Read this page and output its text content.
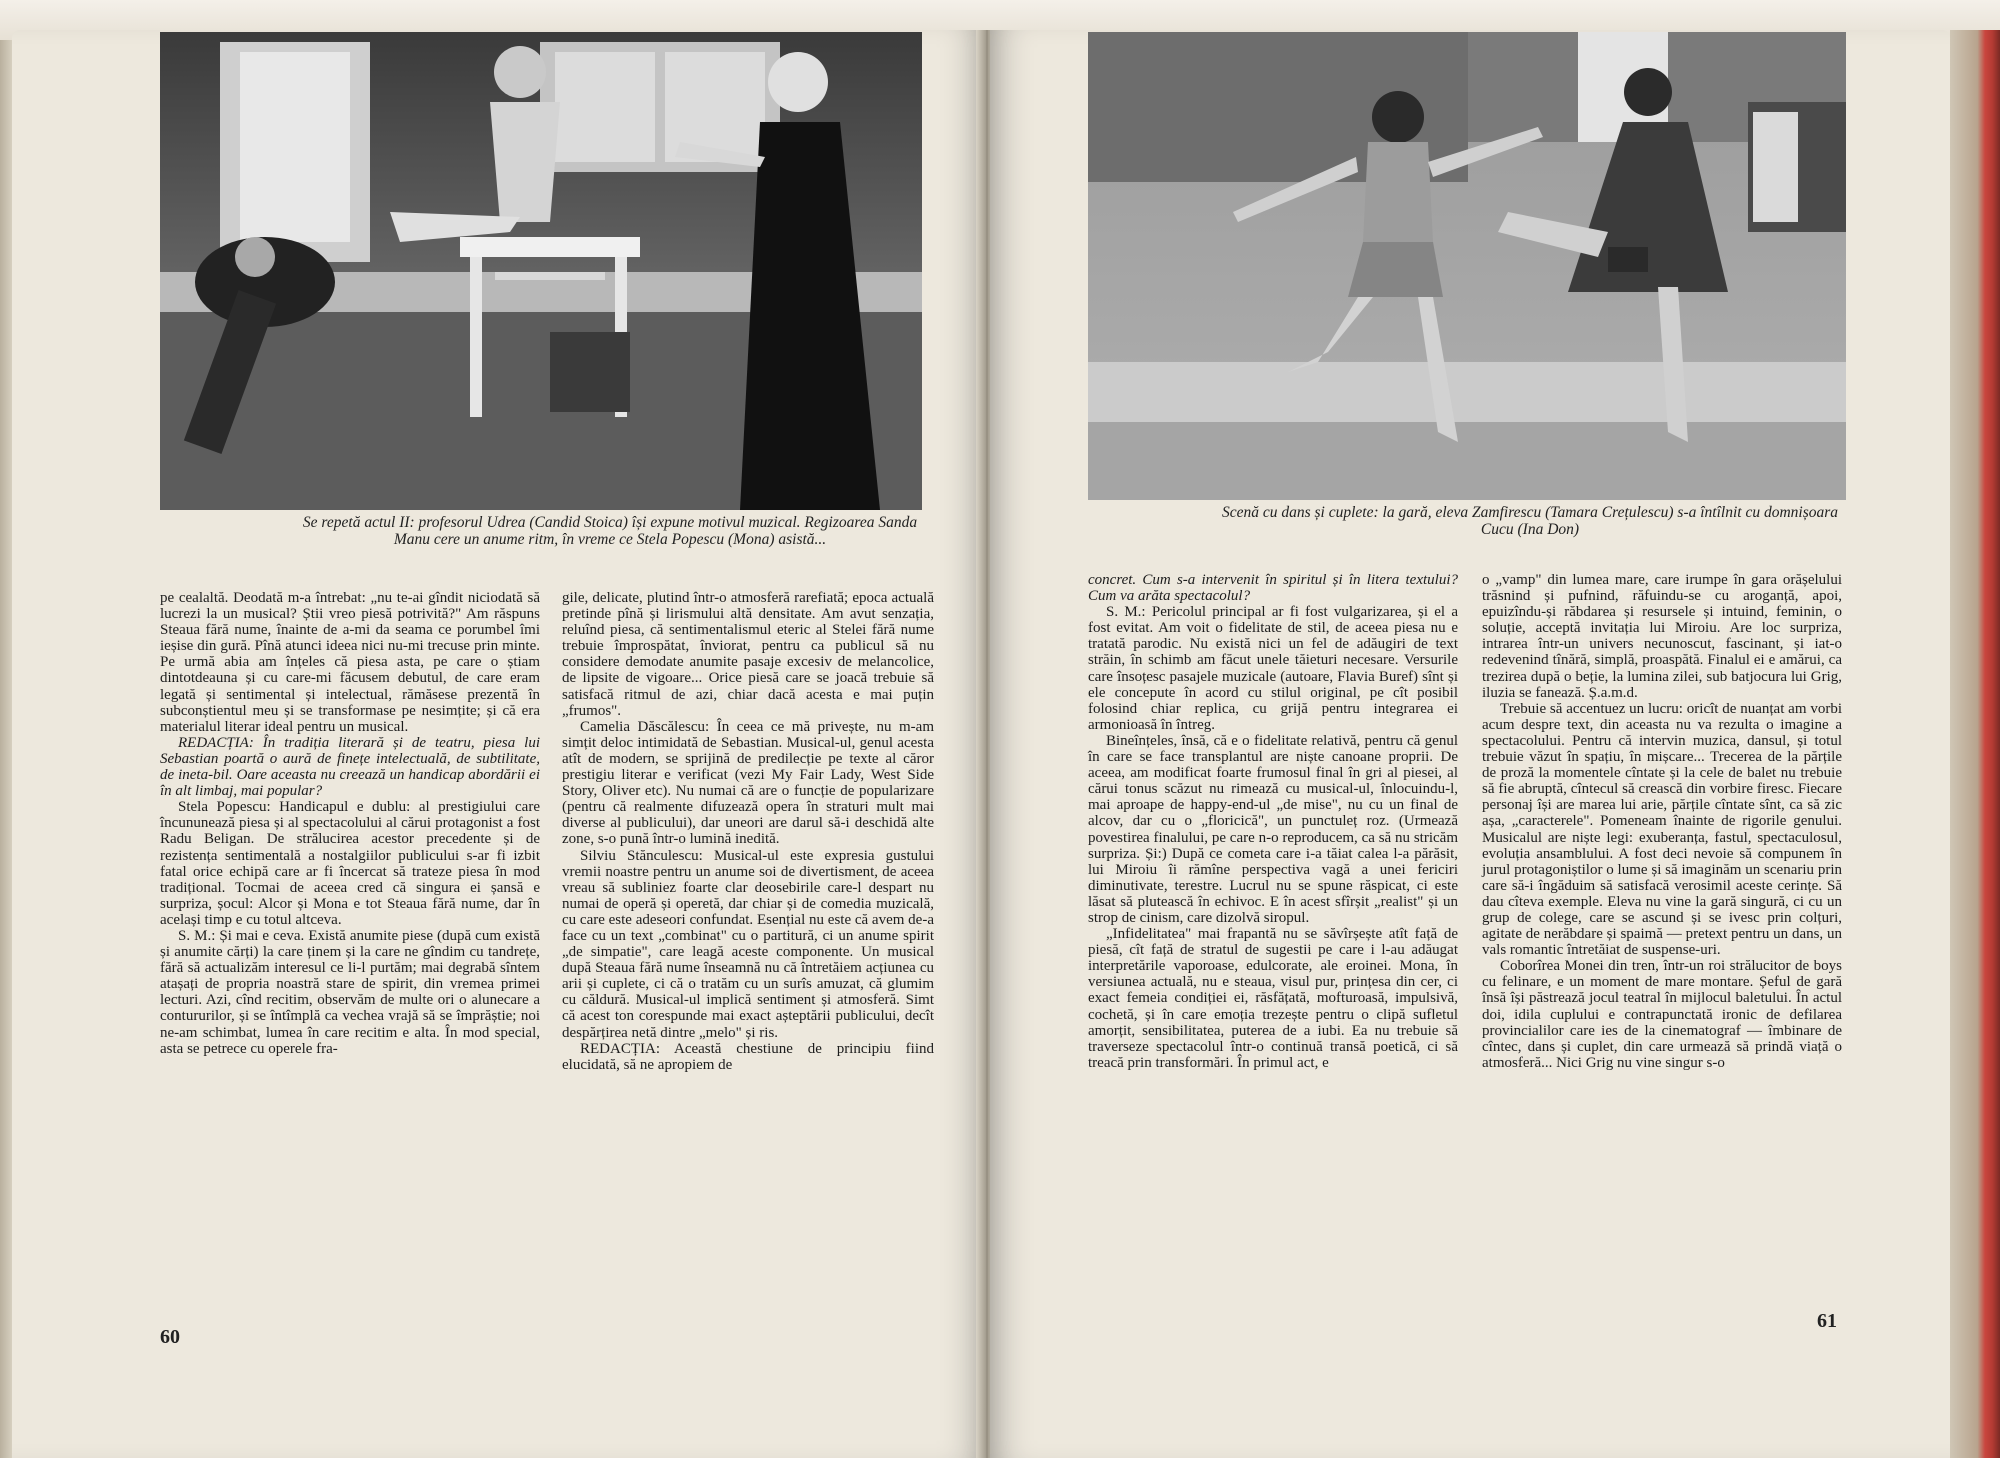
Se repetă actul II: profesorul Udrea (Candid Stoica) își expune motivul muzical. Regizoarea Sanda Manu cere un anume ritm, în vreme ce Stela Popescu (Mona) asistă...

pe cealaltă. Deodată m-a întrebat: „nu te-ai gîndit niciodată să lucrezi la un musical? Știi vreo piesă potrivită?" Am răspuns Steaua fără nume, înainte de a-mi da seama ce porumbel îmi ieșise din gură. Pînă atunci ideea nici nu-mi trecuse prin minte. Pe urmă abia am înțeles că piesa asta, pe care o știam dintotdeauna și cu care-mi făcusem debutul, de care eram legată și sentimental și intelectual, rămăsese prezentă în subconștientul meu și se transformase pe nesimțite; și că era materialul literar ideal pentru un musical.

REDACȚIA: În tradiția literară și de teatru, piesa lui Sebastian poartă o aură de finețe intelectuală, de subtilitate, de ineta-bil. Oare aceasta nu creează un handicap abordării ei în alt limbaj, mai popular?

Stela Popescu: Handicapul e dublu: al prestigiului care încununează piesa și al spectacolului al cărui protagonist a fost Radu Beligan. De strălucirea acestor precedente și de rezistența sentimentală a nostalgiilor publicului s-ar fi izbit fatal orice echipă care ar fi încercat să trateze piesa în mod tradițional. Tocmai de aceea cred că singura ei șansă e surpriza, șocul: Alcor și Mona e tot Steaua fără nume, dar în același timp e cu totul altceva.

S. M.: Și mai e ceva. Există anumite piese (după cum există și anumite cărți) la care ținem și la care ne gîndim cu tandrețe, fără să actualizăm interesul ce li-l purtăm; mai degrabă sîntem atașați de propria noastră stare de spirit, din vremea primei lecturi. Azi, cînd recitim, observăm de multe ori o alunecare a contururilor, și se întîmplă ca vechea vrajă să se împrăștie; noi ne-am schimbat, lumea în care recitim e alta. În mod special, asta se petrece cu operele fra-

gile, delicate, plutind într-o atmosferă rarefiată; epoca actuală pretinde pînă și lirismului altă densitate. Am avut senzația, reluînd piesa, că sentimentalismul eteric al Stelei fără nume trebuie împrospătat, înviorat, pentru ca publicul să nu considere demodate anumite pasaje excesiv de melancolice, de lipsite de vigoare... Orice piesă care se joacă trebuie să satisfacă ritmul de azi, chiar dacă acesta e mai puțin „frumos".

Camelia Dăscălescu: În ceea ce mă privește, nu m-am simțit deloc intimidată de Sebastian. Musical-ul, genul acesta atît de modern, se sprijină de predilecție pe texte al căror prestigiu literar e verificat (vezi My Fair Lady, West Side Story, Oliver etc). Nu numai că are o funcție de popularizare (pentru că realmente difuzează opera în straturi mult mai diverse al publicului), dar uneori are darul să-i deschidă alte zone, s-o pună într-o lumină inedită.

Silviu Stănculescu: Musical-ul este expresia gustului vremii noastre pentru un anume soi de divertisment, de aceea vreau să subliniez foarte clar deosebirile care-l despart nu numai de operă și operetă, dar chiar și de comedia muzicală, cu care este adeseori confundat. Esențial nu este că avem de-a face cu un text „combinat" cu o partitură, ci un anume spirit „de simpatie", care leagă aceste componente. Un musical după Steaua fără nume înseamnă nu că întretăiem acțiunea cu arii și cuplete, ci că o tratăm cu un surîs amuzat, că glumim cu căldură. Musical-ul implică sentiment și atmosferă. Simt că acest ton corespunde mai exact așteptării publicului, decît despărțirea netă dintre „melo" și ris.

REDACȚIA: Această chestiune de principiu fiind elucidată, să ne apropiem de

60
Scenă cu dans și cuplete: la gară, eleva Zamfirescu (Tamara Crețulescu) s-a întîlnit cu domnișoara Cucu (Ina Don)

concret. Cum s-a intervenit în spiritul și în litera textului? Cum va arăta spectacolul?

S. M.: Pericolul principal ar fi fost vulgarizarea, și el a fost evitat. Am voit o fidelitate de stil, de aceea piesa nu e tratată parodic. Nu există nici un fel de adăugiri de text străin, în schimb am făcut unele tăieturi necesare. Versurile care însoțesc pasajele muzicale (autoare, Flavia Buref) sînt și ele concepute în acord cu stilul original, pe cît posibil folosind chiar replica, cu grijă pentru integrarea ei armonioasă în întreg.

Bineînțeles, însă, că e o fidelitate relativă, pentru că genul în care se face transplantul are niște canoane proprii. De aceea, am modificat foarte frumosul final în gri al piesei, al cărui tonus scăzut nu rimează cu musical-ul, înlocuindu-l, mai aproape de happy-end-ul „de mise", nu cu un final de alcov, dar cu o „floricică", un punctuleț roz. (Urmează povestirea finalului, pe care n-o reproducem, ca să nu stricăm surpriza. Și:) După ce cometa care i-a tăiat calea l-a părăsit, lui Miroiu îi rămîne perspectiva vagă a unei fericiri diminutivate, terestre. Lucrul nu se spune răspicat, ci este lăsat să plutească în echivoc. E în acest sfîrșit „realist" și un strop de cinism, care dizolvă siropul.

„Infidelitatea" mai frapantă nu se săvîrșește atît față de piesă, cît față de stratul de sugestii pe care i l-au adăugat interpretările vaporoase, edulcorate, ale eroinei. Mona, în versiunea actuală, nu e steaua, visul pur, prințesa din cer, ci exact femeia condiției ei, răsfățată, mofturoasă, impulsivă, cochetă, și în care emoția trezește pentru o clipă sufletul amorțit, sensibilitatea, puterea de a iubi. Ea nu trebuie să traverseze spectacolul într-o continuă transă poetică, ci să treacă prin transformări. În primul act, e

o „vamp" din lumea mare, care irumpe în gara orășelului trăsnind și pufnind, răfuindu-se cu aroganță, apoi, epuizîndu-și răbdarea și resursele și intuind, feminin, o soluție, acceptă invitația lui Miroiu. Are loc surpriza, intrarea într-un univers necunoscut, fascinant, și iat-o redevenind tînără, simplă, proaspătă. Finalul ei e amărui, ca trezirea după o beție, la lumina zilei, sub batjocura lui Grig, iluzia se fanează. Ș.a.m.d.

Trebuie să accentuez un lucru: oricît de nuanțat am vorbi acum despre text, din aceasta nu va rezulta o imagine a spectacolului. Pentru că intervin muzica, dansul, și totul trebuie văzut în spațiu, în mișcare... Trecerea de la părțile de proză la momentele cîntate și la cele de balet nu trebuie să fie abruptă, cîntecul să crească din vorbire firesc. Fiecare personaj își are marea lui arie, părțile cîntate sînt, ca să zic așa, „caracterele". Pomeneam înainte de rigorile genului. Musicalul are niște legi: exuberanța, fastul, spectaculosul, evoluția ansamblului. A fost deci nevoie să compunem în jurul protagoniștilor o lume și să imaginăm un scenariu prin care să-i îngăduim să satisfacă verosimil aceste cerințe. Să dau cîteva exemple. Eleva nu vine la gară singură, ci cu un grup de colege, care se ascund și se ivesc prin colțuri, agitate de nerăbdare și spaimă — pretext pentru un dans, un vals romantic întretăiat de suspense-uri.

Coborîrea Monei din tren, într-un roi strălucitor de boys cu felinare, e un moment de mare montare. Șeful de gară însă își păstrează jocul teatral în mijlocul baletului. În actul doi, idila cuplului e contrapunctată ironic de defilarea provincialilor care ies de la cinematograf — îmbinare de cîntec, dans și cuplet, din care urmează să prindă viață o atmosferă... Nici Grig nu vine singur s-o

61
